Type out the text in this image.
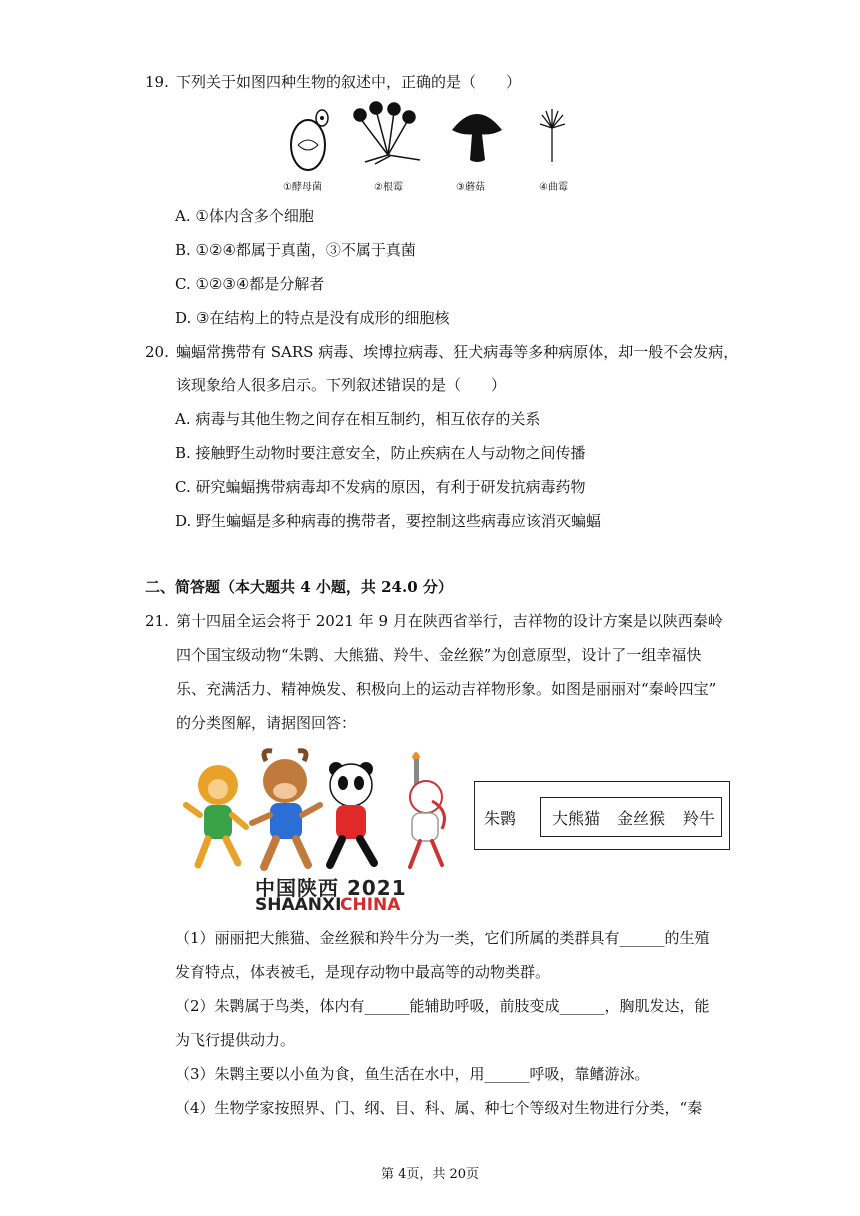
19. 下列关于如图四种生物的叙述中，正确的是（　　）
①酵母菌	②根霉	③蘑菇	④曲霉
A. ①体内含多个细胞
B. ①②④都属于真菌，③不属于真菌
C. ①②③④都是分解者
D. ③在结构上的特点是没有成形的细胞核
20. 蝙蝠常携带有 SARS 病毒、埃博拉病毒、狂犬病毒等多种病原体，却一般不会发病，
该现象给人很多启示。下列叙述错误的是（　　）
A. 病毒与其他生物之间存在相互制约，相互依存的关系
B. 接触野生动物时要注意安全，防止疾病在人与动物之间传播
C. 研究蝙蝠携带病毒却不发病的原因，有利于研发抗病毒药物
D. 野生蝙蝠是多种病毒的携带者，要控制这些病毒应该消灭蝙蝠
二、简答题（本大题共 4 小题，共 24.0 分）
21. 第十四届全运会将于 2021 年 9 月在陕西省举行，吉祥物的设计方案是以陕西秦岭
四个国宝级动物“朱鹮、大熊猫、羚牛、金丝猴”为创意原型，设计了一组幸福快
乐、充满活力、精神焕发、积极向上的运动吉祥物形象。如图是丽丽对“秦岭四宝”
的分类图解，请据图回答：
中国陕西 2021
SHAANXI
CHINA
朱鹮 大熊猫 金丝猴 羚牛
（1）丽丽把大熊猫、金丝猴和羚牛分为一类，它们所属的类群具有______的生殖
发育特点，体表被毛，是现存动物中最高等的动物类群。
（2）朱鹮属于鸟类，体内有______能辅助呼吸，前肢变成______，胸肌发达，能
为飞行提供动力。
（3）朱鹮主要以小鱼为食，鱼生活在水中，用______呼吸，靠鳍游泳。
（4）生物学家按照界、门、纲、目、科、属、种七个等级对生物进行分类，“秦
第 4页，共 20页
